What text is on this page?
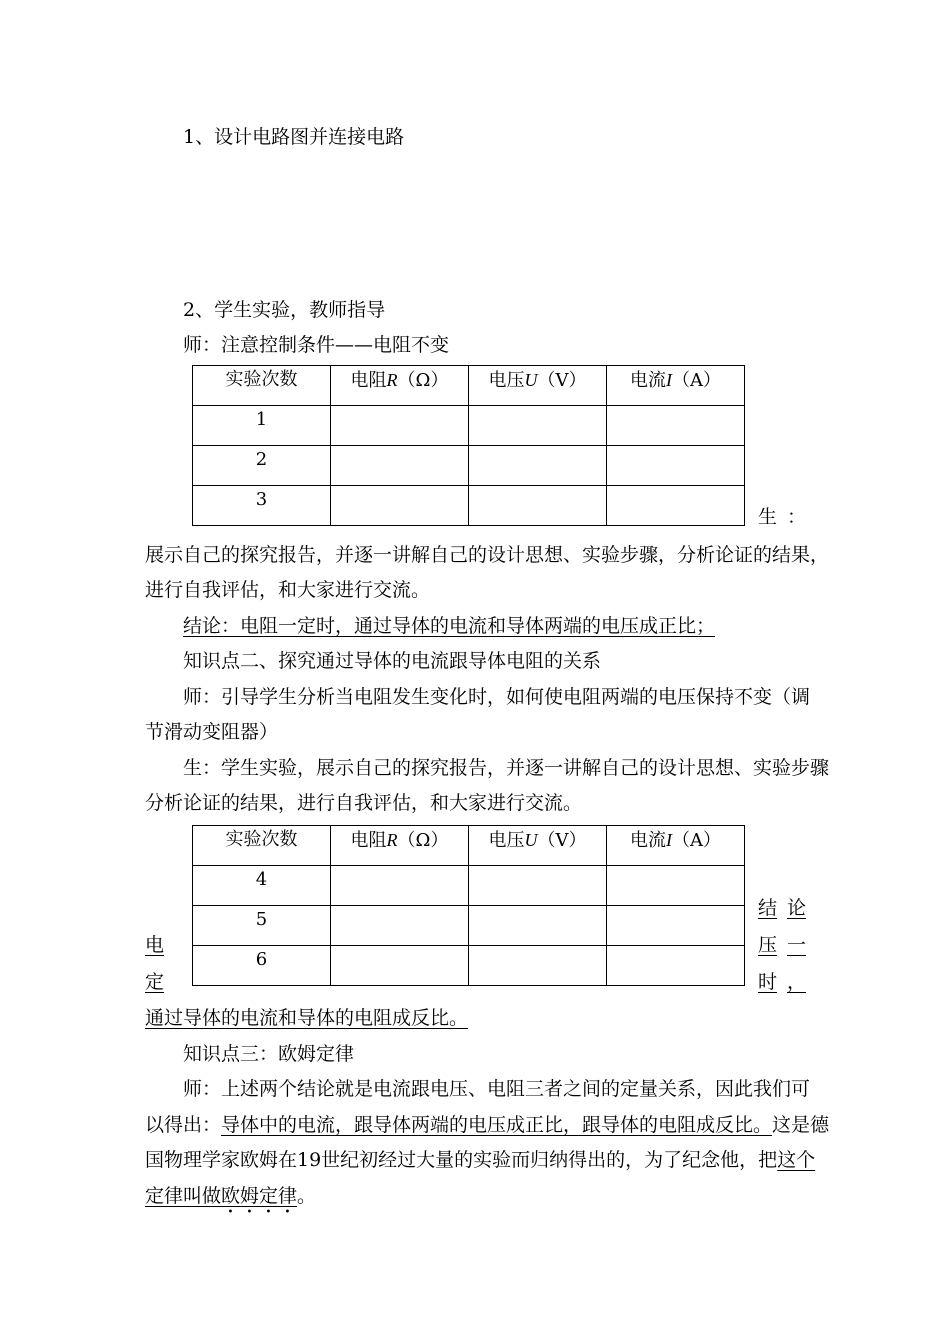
1、设计电路图并连接电路
2、学生实验，教师指导
师：注意控制条件——电阻不变
实验次数	电阻R（Ω）	电压U（V）	电流I（A）
1			
2			
3			
生 ：
展示自己的探究报告，并逐一讲解自己的设计思想、实验步骤，分析论证的结果，
进行自我评估，和大家进行交流。
结论：电阻一定时，通过导体的电流和导体两端的电压成正比；
知识点二、探究通过导体的电流跟导体电阻的关系
师：引导学生分析当电阻发生变化时，如何使电阻两端的电压保持不变（调
节滑动变阻器）
生：学生实验，展示自己的探究报告，并逐一讲解自己的设计思想、实验步骤
分析论证的结果，进行自我评估，和大家进行交流。
实验次数	电阻R（Ω）	电压U（V）	电流I（A）
4			
5			
6			
结 论
压 一
时 ，
电
定
通过导体的电流和导体的电阻成反比。
知识点三：欧姆定律
师：上述两个结论就是电流跟电压、电阻三者之间的定量关系，因此我们可
以得出：导体中的电流，跟导体两端的电压成正比，跟导体的电阻成反比。这是德
国物理学家欧姆在19世纪初经过大量的实验而归纳得出的，为了纪念他，把这个
定律叫做欧姆定律。
